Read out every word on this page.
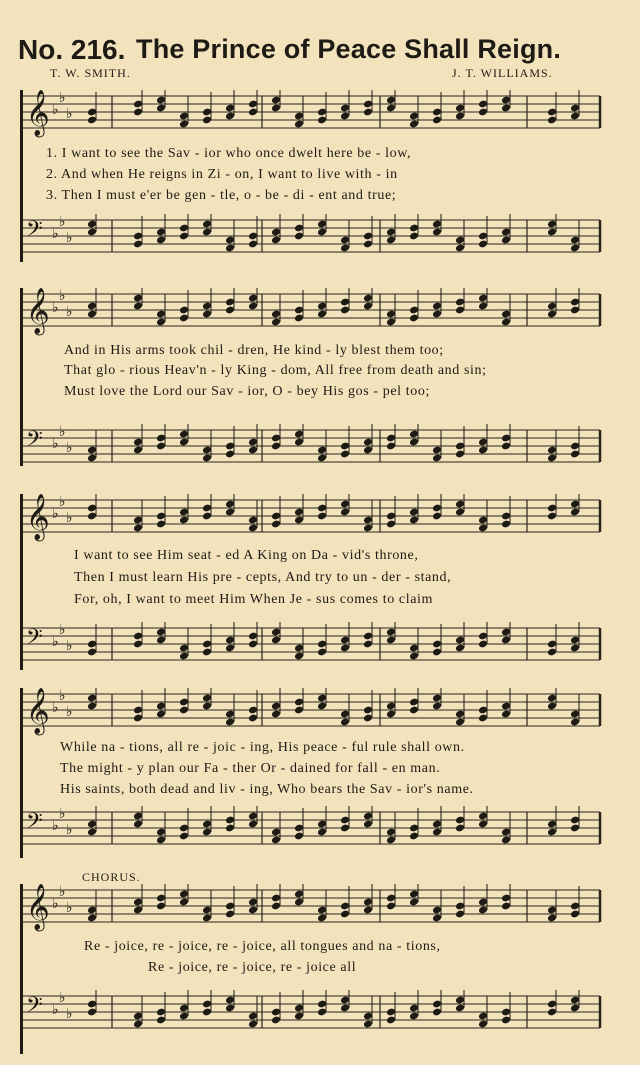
No. 216. The Prince of Peace Shall Reign.
T. W. SMITH.	J. T. WILLIAMS.
𝄞 ♭
♭
♭
1. I want to see the Sav - ior who once dwelt here be - low,
2. And when He reigns in Zi - on, I want to live with - in
3. Then I must e'er be gen - tle, o - be - di - ent and true;
𝄢 ♭
♭
♭
𝄞 ♭
♭
♭
And in His arms took chil - dren, He kind - ly blest them too;
That glo - rious Heav'n - ly King - dom, All free from death and sin;
Must love the Lord our Sav - ior, O - bey His gos - pel too;
𝄢 ♭
♭
♭
𝄞 ♭
♭
♭
I want to see Him seat - ed A King on Da - vid's throne,
Then I must learn His pre - cepts, And try to un - der - stand,
For, oh, I want to meet Him When Je - sus comes to claim
𝄢 ♭
♭
♭
𝄞 ♭
♭
♭
While na - tions, all re - joic - ing, His peace - ful rule shall own.
The might - y plan our Fa - ther Or - dained for fall - en man.
His saints, both dead and liv - ing, Who bears the Sav - ior's name.
𝄢 ♭
♭
♭
CHORUS.
𝄞 ♭
♭
♭
Re - joice, re - joice, re - joice, all tongues and na - tions,
Re - joice, re - joice, re - joice all
𝄢 ♭
♭
♭
